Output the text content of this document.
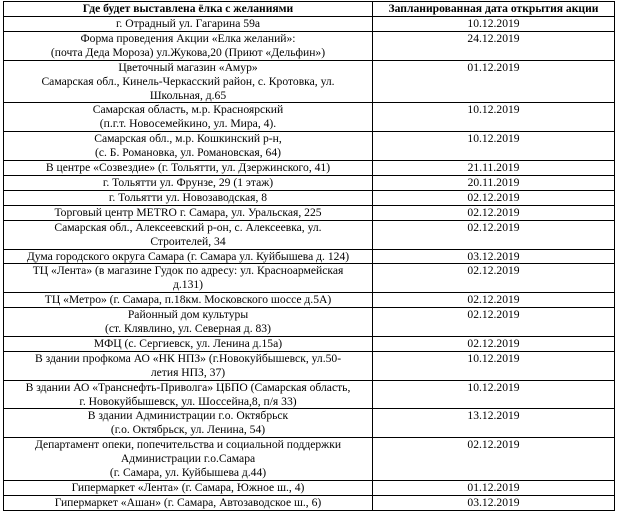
Где будет выставлена ёлка с желаниями	Запланированная дата открытия акции

г. Отрадный ул. Гагарина 59а	10.12.2019

Форма проведения Акции «Елка желаний»:
(почта Деда Мороза) ул.Жукова,20 (Приют «Дельфин»)	24.12.2019

Цветочный магазин «Амур»
Самарская обл., Кинель-Черкасский район, с. Кротовка, ул.
Школьная, д.65	01.12.2019

Самарская область, м.р. Красноярский
(п.г.т. Новосемейкино, ул. Мира, 4).	10.12.2019

Самарская обл., м.р. Кошкинский р-н,
(с. Б. Романовка, ул. Романовская, 64)	10.12.2019

В центре «Созвездие» (г. Тольятти, ул. Дзержинского, 41)	21.11.2019

г. Тольятти ул. Фрунзе, 29 (1 этаж)	20.11.2019

г. Тольятти ул. Новозаводская, 8	02.12.2019

Торговый центр METRO г. Самара, ул. Уральская, 225	02.12.2019

Самарская обл., Алексеевский р-он, с. Алексеевка, ул.
Строителей, 34	02.12.2019

Дума городского округа Самара (г. Самара ул. Куйбышева д. 124)	03.12.2019

ТЦ «Лента» (в магазине Гудок по адресу: ул. Красноармейская
д.131)	02.12.2019

ТЦ «Метро» (г. Самара, п.18км. Московского шоссе д.5А)	02.12.2019

Районный дом культуры
(ст. Клявлино, ул. Северная д. 83)	02.12.2019

МФЦ (с. Сергиевск, ул. Ленина д.15а)	02.12.2019

В здании профкома АО «НК НПЗ» (г.Новокуйбышевск, ул.50-
летия НПЗ, 37)	10.12.2019

В здании АО «Транснефть-Приволга» ЦБПО (Самарская область,
г. Новокуйбышевск, ул. Шоссейна,8, п/я 33)	10.12.2019

В здании Администрации г.о. Октябрьск
(г.о. Октябрьск, ул. Ленина, 54)	13.12.2019

Департамент опеки, попечительства и социальной поддержки
Администрации г.о.Самара
(г. Самара, ул. Куйбышева д.44)	02.12.2019

Гипермаркет «Лента» (г. Самара, Южное ш., 4)	01.12.2019

Гипермаркет «Ашан» (г. Самара, Автозаводское ш., 6)	03.12.2019
